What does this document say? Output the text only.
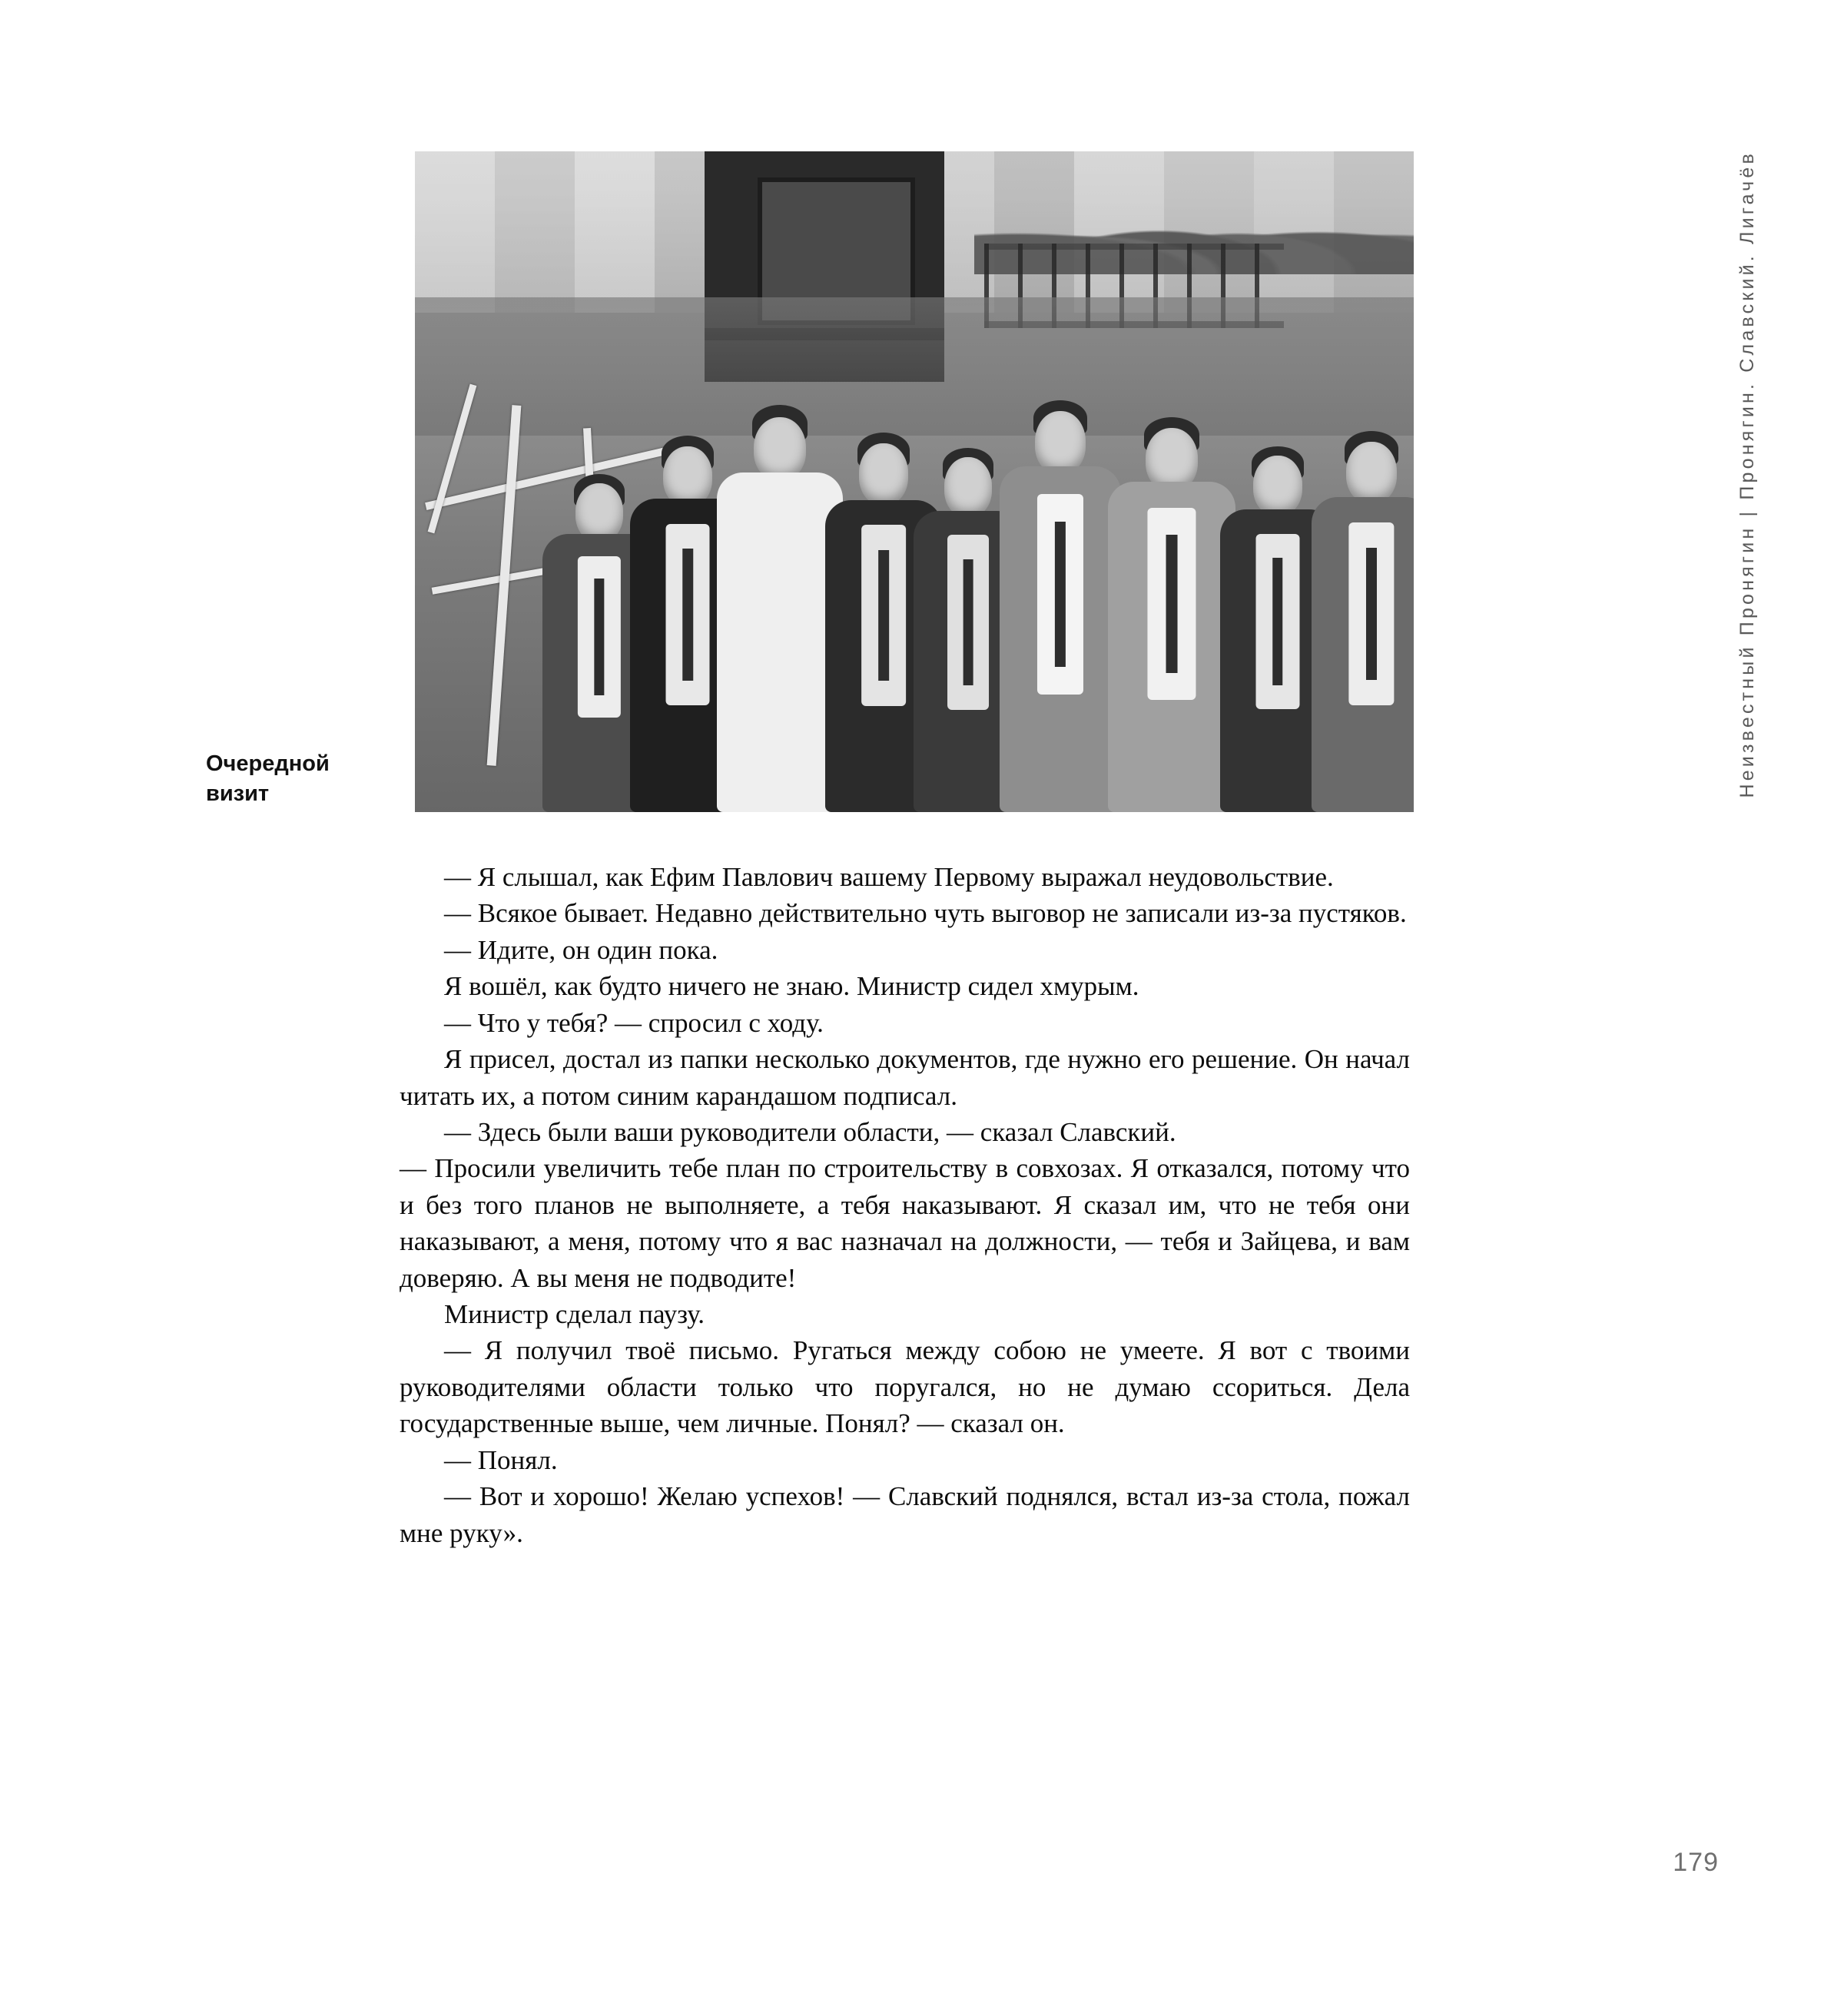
Неизвестный Пронягин | Пронягин. Славский. Лигачёв
Очередной визит

— Я слышал, как Ефим Павлович вашему Первому выражал неудовольствие.

— Всякое бывает. Недавно действительно чуть выговор не записали из-за пустяков.

— Идите, он один пока.

Я вошёл, как будто ничего не знаю. Министр сидел хмурым.

— Что у тебя? — спросил с ходу.

Я присел, достал из папки несколько документов, где нужно его решение. Он начал читать их, а потом синим карандашом подписал.

— Здесь были ваши руководители области, — сказал Славский.

— Просили увеличить тебе план по строительству в совхозах. Я отказался, потому что и без того планов не выполняете, а тебя наказывают. Я сказал им, что не тебя они наказывают, а меня, потому что я вас назначал на должности, — тебя и Зайцева, и вам доверяю. А вы меня не подводите!

Министр сделал паузу.

— Я получил твоё письмо. Ругаться между собою не умеете. Я вот с твоими руководителями области только что поругался, но не думаю ссориться. Дела государственные выше, чем личные. Понял? — сказал он.

— Понял.

— Вот и хорошо! Желаю успехов! — Славский поднялся, встал из-за стола, пожал мне руку».

179
